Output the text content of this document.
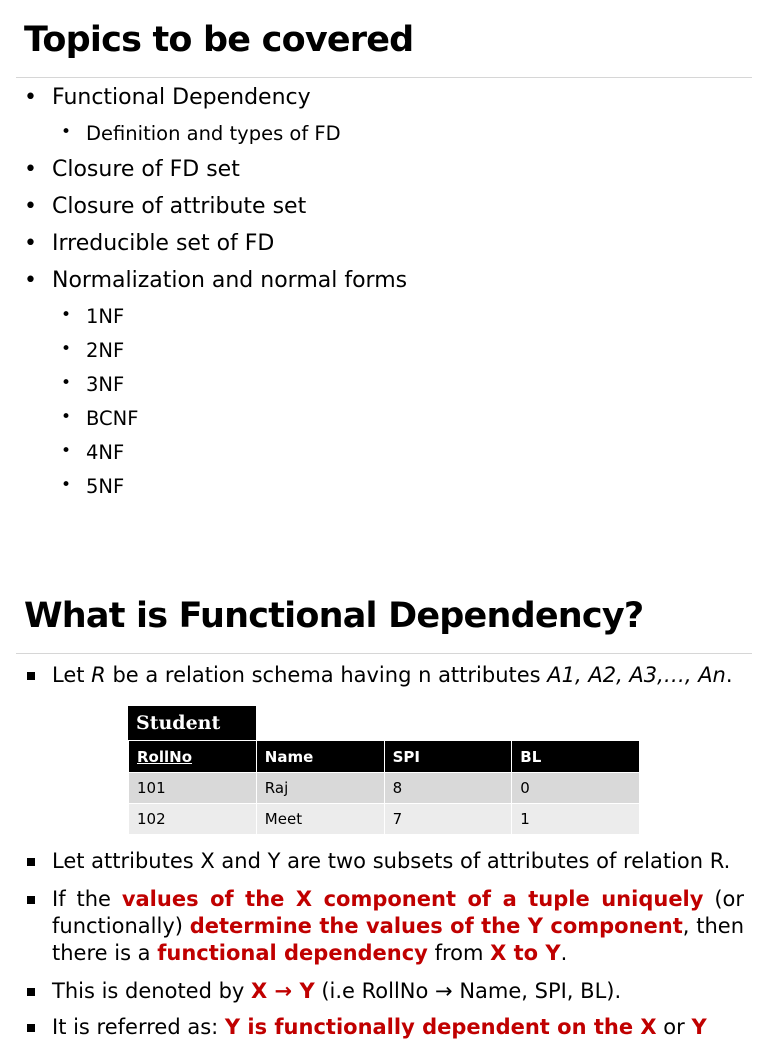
Topics to be covered
• Functional Dependency
• Definition and types of FD
• Closure of FD set
• Closure of attribute set
• Irreducible set of FD
• Normalization and normal forms
• 1NF
• 2NF
• 3NF
• BCNF
• 4NF
• 5NF
What is Functional Dependency?
Let R be a relation schema having n attributes A1, A2, A3,…, An.
Student
RollNo	Name	SPI	BL
101	Raj	8	0
102	Meet	7	1
Let attributes X and Y are two subsets of attributes of relation R.
If the values of the X component of a tuple uniquely (or functionally) determine the values of the Y component, then there is a functional dependency from X to Y.
This is denoted by X → Y (i.e RollNo → Name, SPI, BL).
It is referred as: Y is functionally dependent on the X or Y
